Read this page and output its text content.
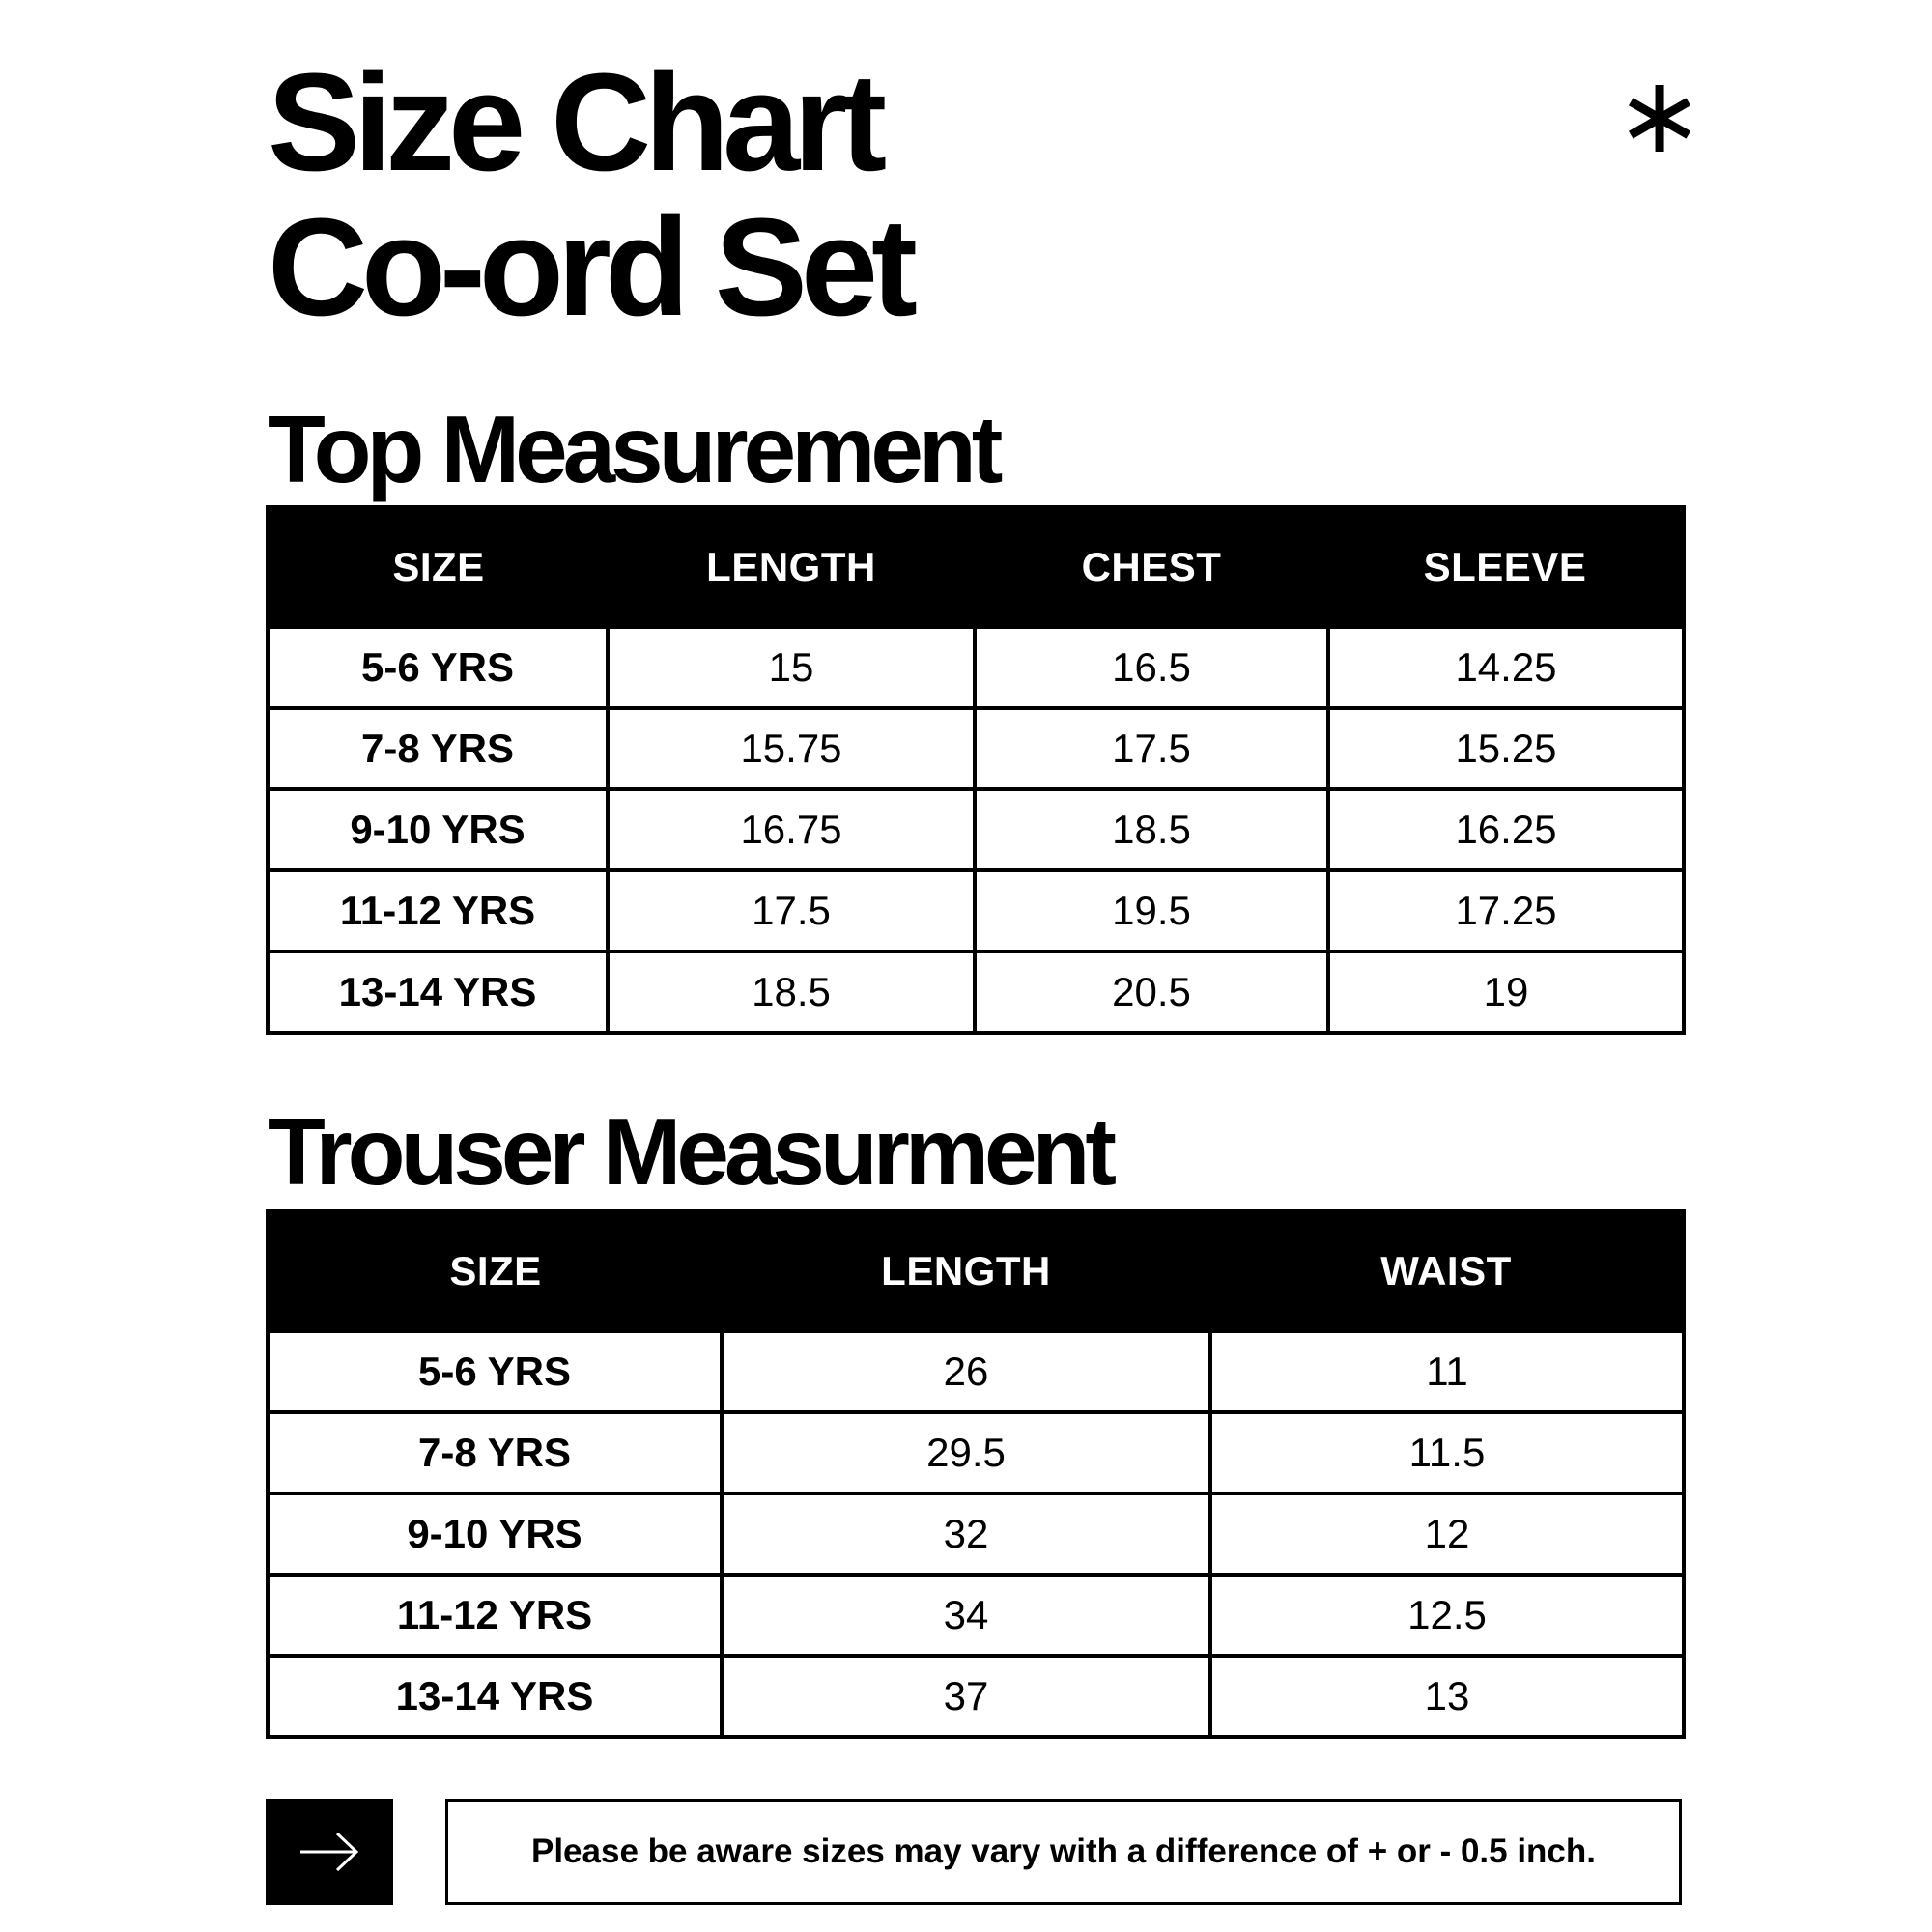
Size Chart
Co-ord Set
∗
Top Measurement
SIZE	LENGTH	CHEST	SLEEVE
5-6 YRS	15	16.5	14.25
7-8 YRS	15.75	17.5	15.25
9-10 YRS	16.75	18.5	16.25
11-12 YRS	17.5	19.5	17.25
13-14 YRS	18.5	20.5	19
Trouser Measurment
SIZE	LENGTH	WAIST
5-6 YRS	26	11
7-8 YRS	29.5	11.5
9-10 YRS	32	12
11-12 YRS	34	12.5
13-14 YRS	37	13
Please be aware sizes may vary with a difference of + or - 0.5 inch.
